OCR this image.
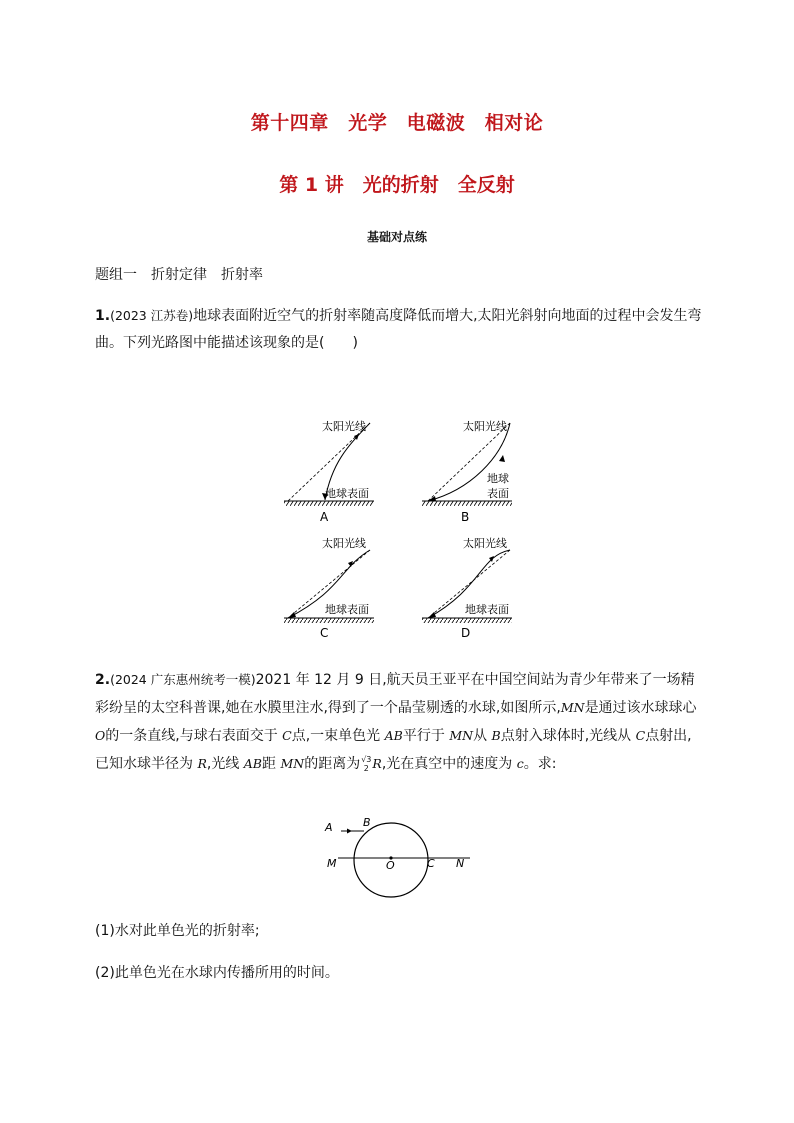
第十四章　光学　电磁波　相对论
第 1 讲　光的折射　全反射
基础对点练
题组一　折射定律　折射率
1.(2023 江苏卷)地球表面附近空气的折射率随高度降低而增大,太阳光斜射向地面的过程中会发生弯曲。下列光路图中能描述该现象的是(　　)
太阳光线
地球表面
A
太阳光线
地球
表面
B
太阳光线
地球表面
C
太阳光线
地球表面
D
2.(2024 广东惠州统考一模)2021 年 12 月 9 日,航天员王亚平在中国空间站为青少年带来了一场精彩纷呈的太空科普课,她在水膜里注水,得到了一个晶莹剔透的水球,如图所示,MN是通过该水球球心 O的一条直线,与球右表面交于 C点,一束单色光 AB平行于 MN从 B点射入球体时,光线从 C点射出,已知水球半径为 R,光线 AB距 MN的距离为 √3
2 R,光在真空中的速度为 c。求:
A	B
M	O	C N
(1)水对此单色光的折射率;
(2)此单色光在水球内传播所用的时间。
